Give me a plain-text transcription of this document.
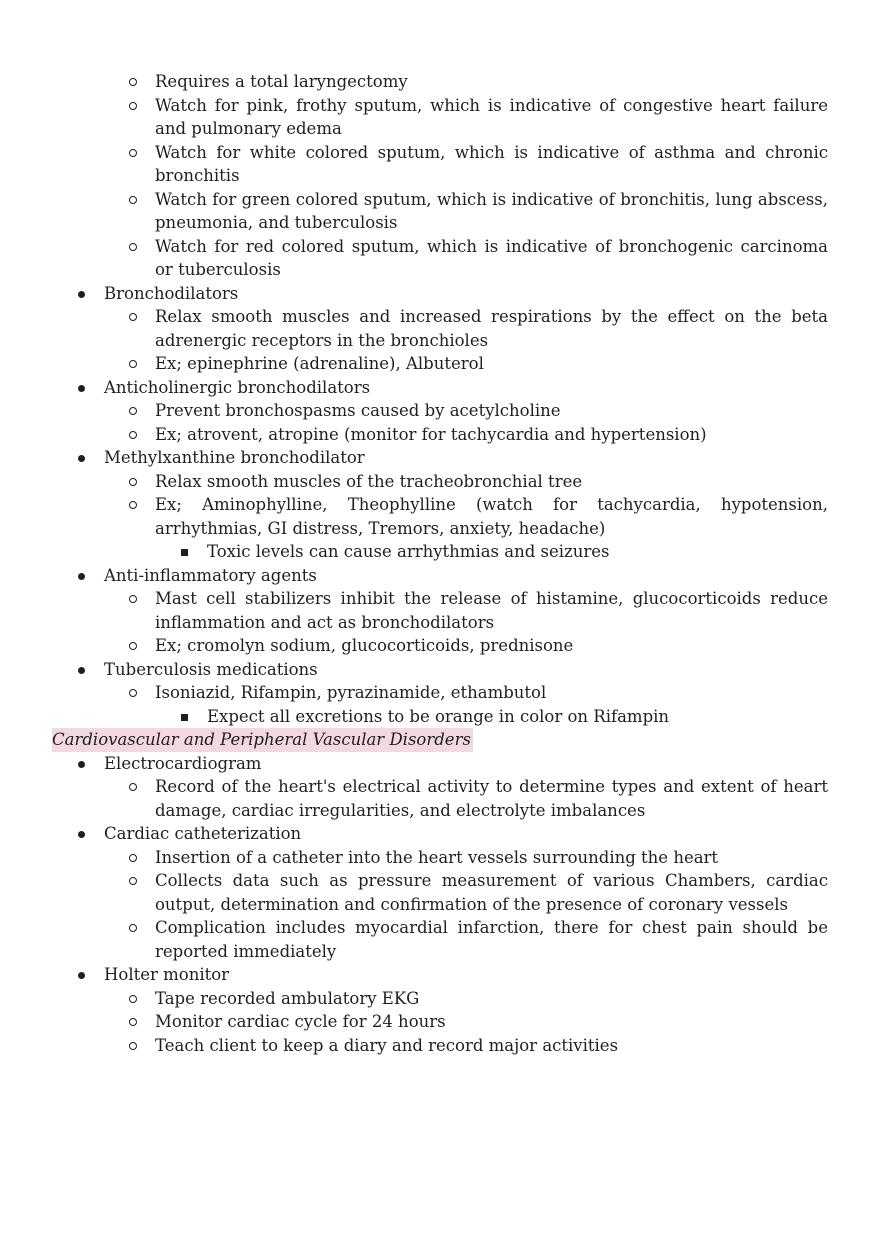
Requires a total laryngectomy
Watch for pink, frothy sputum, which is indicative of congestive heart failure and pulmonary edema
Watch for white colored sputum, which is indicative of asthma and chronic bronchitis
Watch for green colored sputum, which is indicative of bronchitis, lung abscess, pneumonia, and tuberculosis
Watch for red colored sputum, which is indicative of bronchogenic carcinoma or tuberculosis
Bronchodilators
Relax smooth muscles and increased respirations by the effect on the beta adrenergic receptors in the bronchioles
Ex; epinephrine (adrenaline), Albuterol
Anticholinergic bronchodilators
Prevent bronchospasms caused by acetylcholine
Ex; atrovent, atropine (monitor for tachycardia and hypertension)
Methylxanthine bronchodilator
Relax smooth muscles of the tracheobronchial tree
Ex; Aminophylline, Theophylline (watch for tachycardia, hypotension, arrhythmias, GI distress, Tremors, anxiety, headache)
Toxic levels can cause arrhythmias and seizures
Anti-inflammatory agents
Mast cell stabilizers inhibit the release of histamine, glucocorticoids reduce inflammation and act as bronchodilators
Ex; cromolyn sodium, glucocorticoids, prednisone
Tuberculosis medications
Isoniazid, Rifampin, pyrazinamide, ethambutol
Expect all excretions to be orange in color on Rifampin
Cardiovascular and Peripheral Vascular Disorders
Electrocardiogram
Record of the heart's electrical activity to determine types and extent of heart damage, cardiac irregularities, and electrolyte imbalances
Cardiac catheterization
Insertion of a catheter into the heart vessels surrounding the heart
Collects data such as pressure measurement of various Chambers, cardiac output, determination and confirmation of the presence of coronary vessels
Complication includes myocardial infarction, there for chest pain should be reported immediately
Holter monitor
Tape recorded ambulatory EKG
Monitor cardiac cycle for 24 hours
Teach client to keep a diary and record major activities
